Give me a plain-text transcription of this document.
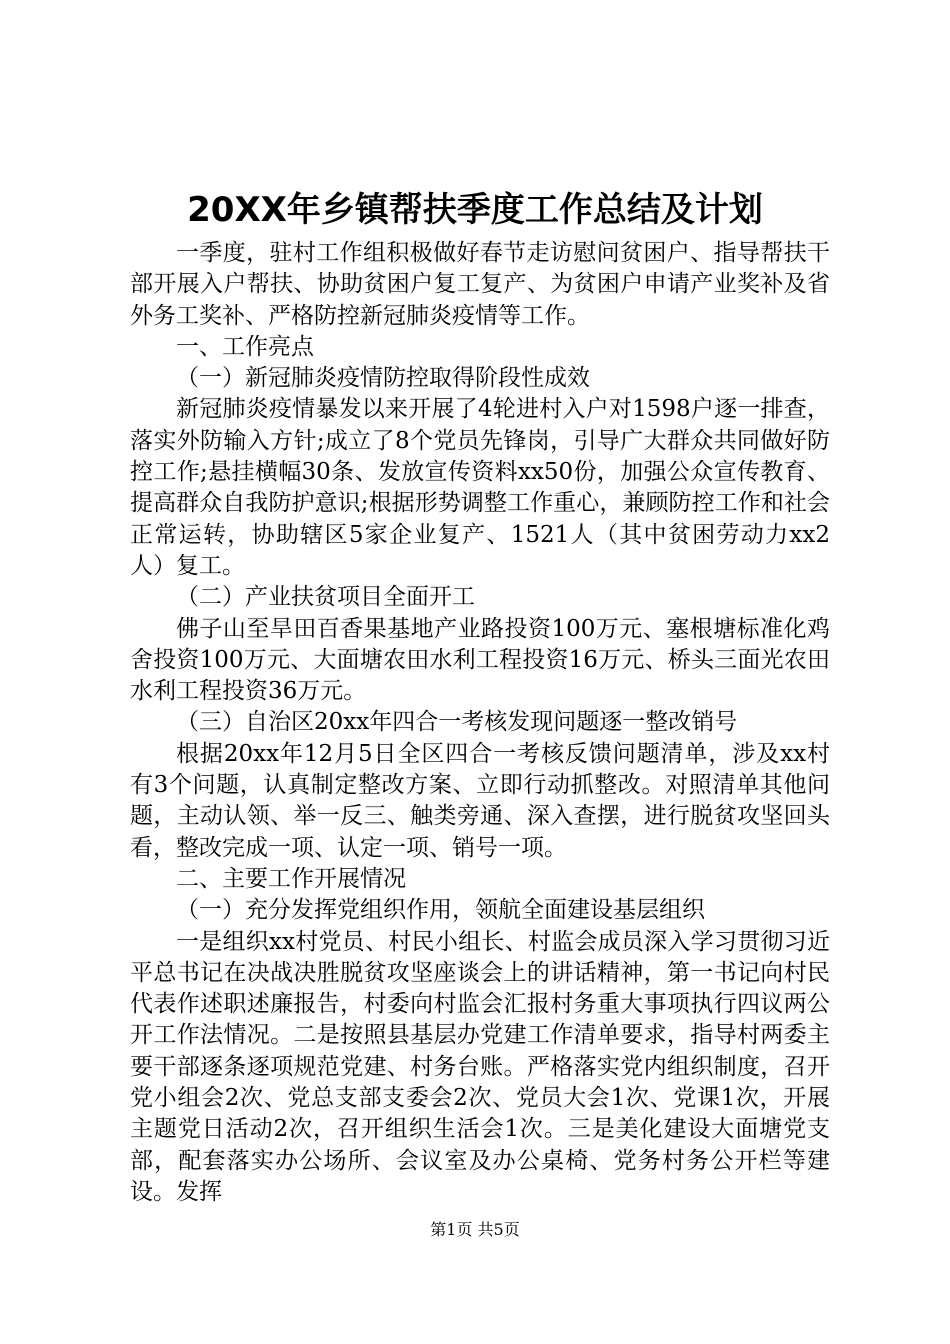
20XX年乡镇帮扶季度工作总结及计划

一季度，驻村工作组积极做好春节走访慰问贫困户、指导帮扶干部开展入户帮扶、协助贫困户复工复产、为贫困户申请产业奖补及省外务工奖补、严格防控新冠肺炎疫情等工作。

一、工作亮点

（一）新冠肺炎疫情防控取得阶段性成效

新冠肺炎疫情暴发以来开展了4轮进村入户对1598户逐一排查，落实外防输入方针;成立了8个党员先锋岗，引导广大群众共同做好防控工作;悬挂横幅30条、发放宣传资料xx50份，加强公众宣传教育、提高群众自我防护意识;根据形势调整工作重心，兼顾防控工作和社会正常运转，协助辖区5家企业复产、1521人（其中贫困劳动力xx2人）复工。

（二）产业扶贫项目全面开工

佛子山至旱田百香果基地产业路投资100万元、塞根塘标准化鸡舍投资100万元、大面塘农田水利工程投资16万元、桥头三面光农田水利工程投资36万元。

（三）自治区20xx年四合一考核发现问题逐一整改销号

根据20xx年12月5日全区四合一考核反馈问题清单，涉及xx村有3个问题，认真制定整改方案、立即行动抓整改。对照清单其他问题，主动认领、举一反三、触类旁通、深入查摆，进行脱贫攻坚回头看，整改完成一项、认定一项、销号一项。

二、主要工作开展情况

（一）充分发挥党组织作用，领航全面建设基层组织

一是组织xx村党员、村民小组长、村监会成员深入学习贯彻习近平总书记在决战决胜脱贫攻坚座谈会上的讲话精神，第一书记向村民代表作述职述廉报告，村委向村监会汇报村务重大事项执行四议两公开工作法情况。二是按照县基层办党建工作清单要求，指导村两委主要干部逐条逐项规范党建、村务台账。严格落实党内组织制度，召开党小组会2次、党总支部支委会2次、党员大会1次、党课1次，开展主题党日活动2次，召开组织生活会1次。三是美化建设大面塘党支部，配套落实办公场所、会议室及办公桌椅、党务村务公开栏等建设。发挥

第1页 共5页
